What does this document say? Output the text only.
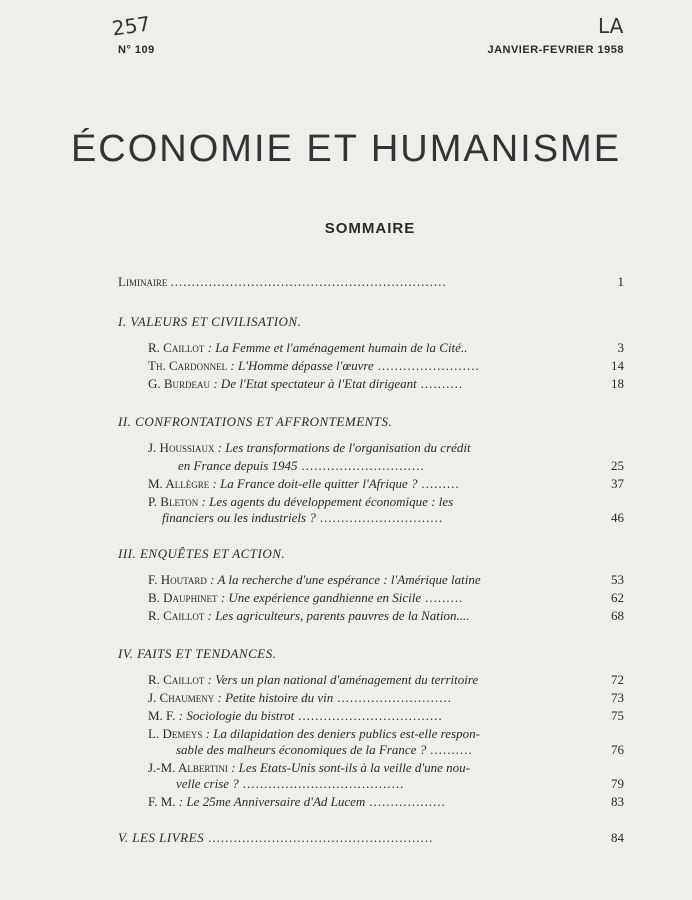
257	LA
N° 109	JANVIER-FEVRIER 1958
ÉCONOMIE ET HUMANISME
SOMMAIRE
Liminaire .................................................................	1
I. VALEURS ET CIVILISATION.
R. Caillot : La Femme et l'aménagement humain de la Cité..	3
Th. Cardonnel : L'Homme dépasse l'œuvre ........................	14
G. Burdeau : De l'Etat spectateur à l'Etat dirigeant ..........	18
II. CONFRONTATIONS ET AFFRONTEMENTS.
J. Houssiaux : Les transformations de l'organisation du crédit
en France depuis 1945 .............................	25
M. Allègre : La France doit-elle quitter l'Afrique ? .........	37
P. Bleton : Les agents du développement économique : les
financiers ou les industriels ? .............................	46
III. ENQUÊTES ET ACTION.
F. Houtard : A la recherche d'une espérance : l'Amérique latine	53
B. Dauphinet : Une expérience gandhienne en Sicile .........	62
R. Caillot : Les agriculteurs, parents pauvres de la Nation....	68
IV. FAITS ET TENDANCES.
R. Caillot : Vers un plan national d'aménagement du territoire	72
J. Chaumeny : Petite histoire du vin ...........................	73
M. F. : Sociologie du bistrot ..................................	75
L. Demeys : La dilapidation des deniers publics est-elle respon-
sable des malheurs économiques de la France ? ..........	76
J.-M. Albertini : Les Etats-Unis sont-ils à la veille d'une nou-
velle crise ? ......................................	79
F. M. : Le 25me Anniversaire d'Ad Lucem ..................	83
V. LES LIVRES .....................................................	84
